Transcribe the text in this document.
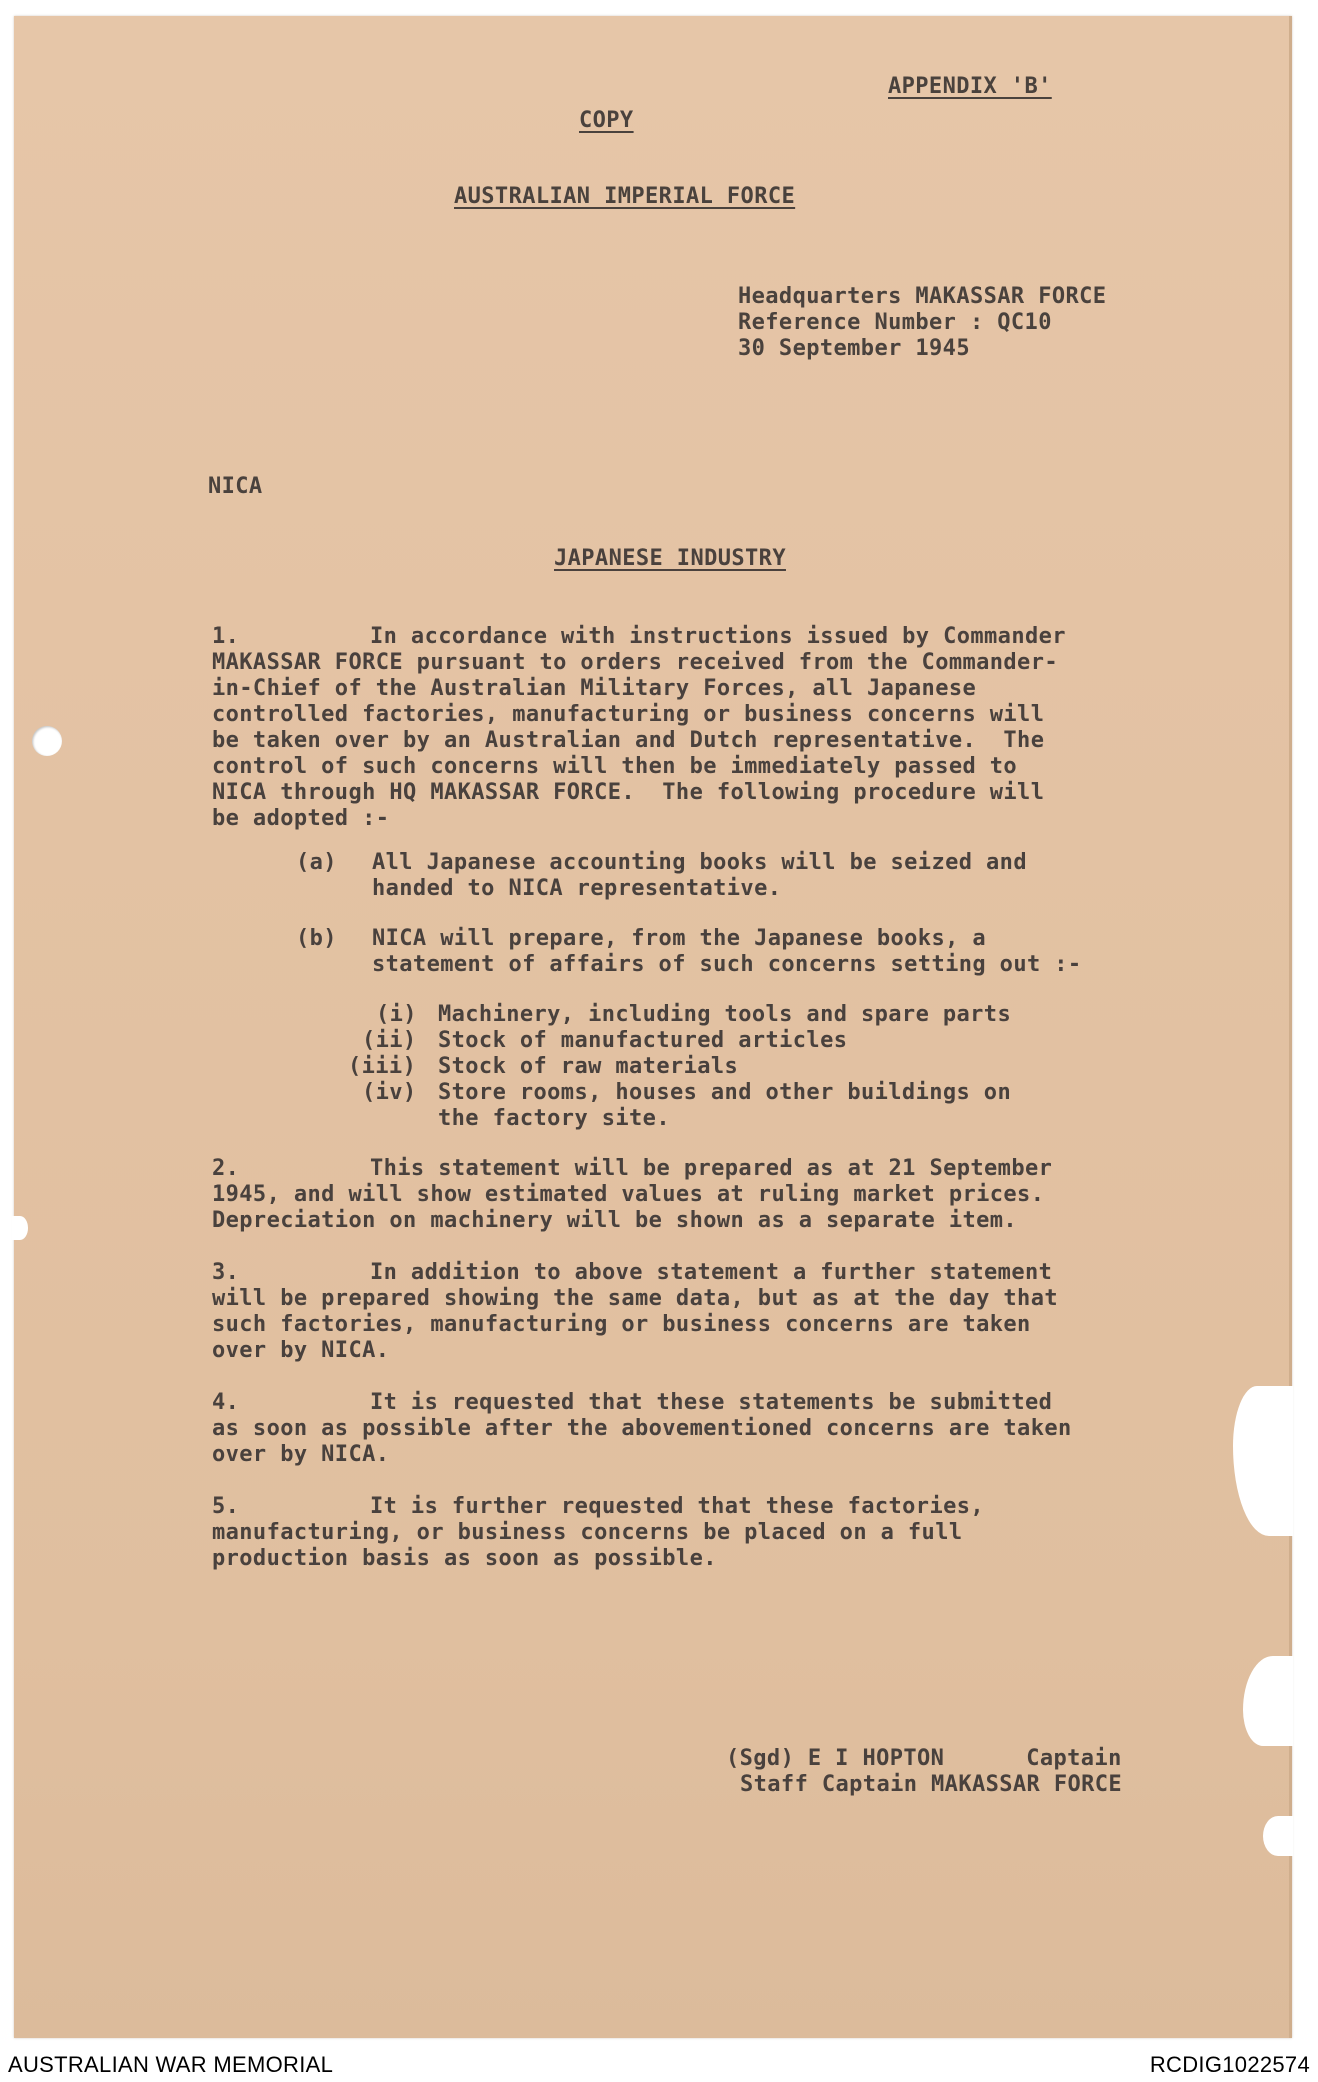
APPENDIX 'B'
COPY
AUSTRALIAN IMPERIAL FORCE
Headquarters MAKASSAR FORCE
Reference Number : QC10
30 September 1945
NICA
JAPANESE INDUSTRY
1.	In accordance with instructions issued by Commander
MAKASSAR FORCE pursuant to orders received from the Commander-
in-Chief of the Australian Military Forces, all Japanese
controlled factories, manufacturing or business concerns will
be taken over by an Australian and Dutch representative.  The
control of such concerns will then be immediately passed to
NICA through HQ MAKASSAR FORCE.  The following procedure will
be adopted :-
(a) All Japanese accounting books will be seized and
handed to NICA representative.
(b) NICA will prepare, from the Japanese books, a
statement of affairs of such concerns setting out :-
(i) Machinery, including tools and spare parts
(ii) Stock of manufactured articles
(iii) Stock of raw materials
(iv) Store rooms, houses and other buildings on
the factory site.
2.	This statement will be prepared as at 21 September
1945, and will show estimated values at ruling market prices.
Depreciation on machinery will be shown as a separate item.
3.	In addition to above statement a further statement
will be prepared showing the same data, but as at the day that
such factories, manufacturing or business concerns are taken
over by NICA.
4.	It is requested that these statements be submitted
as soon as possible after the abovementioned concerns are taken
over by NICA.
5.	It is further requested that these factories,
manufacturing, or business concerns be placed on a full
production basis as soon as possible.
(Sgd) E I HOPTON      Captain
Staff Captain MAKASSAR FORCE
AUSTRALIAN WAR MEMORIAL	RCDIG1022574
